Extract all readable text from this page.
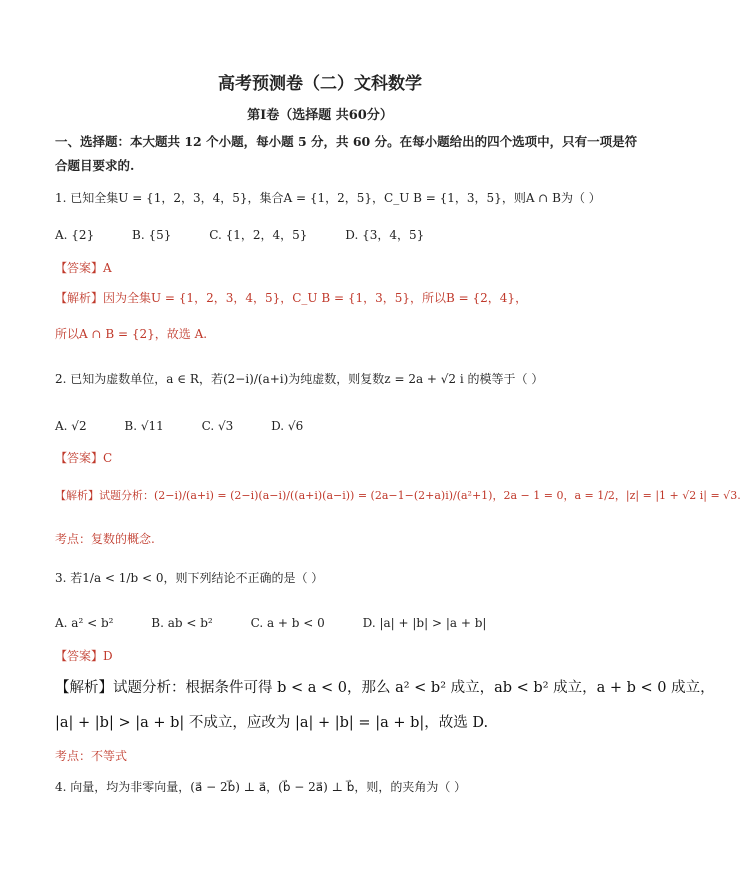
高考预测卷（二）文科数学
第Ⅰ卷（选择题 共60分）
一、选择题：本大题共 12 个小题，每小题 5 分，共 60 分。在每小题给出的四个选项中，只有一项是符
合题目要求的.
1. 已知全集U = {1，2，3，4，5}，集合A = {1，2，5}，C_U B = {1，3，5}，则A ∩ B为（ ）
A. {2}	B. {5}	C. {1，2，4，5}	D. {3，4，5}
【答案】A
【解析】因为全集U = {1，2，3，4，5}，C_U B = {1，3，5}，所以B = {2，4}，
所以A ∩ B = {2}，故选 A.
2. 已知为虚数单位，a ∈ R，若(2−i)/(a+i)为纯虚数，则复数z = 2a + √2 i 的模等于（ ）
A. √2	B. √11	C. √3	D. √6
【答案】C
【解析】试题分析：(2−i)/(a+i) = (2−i)(a−i)/((a+i)(a−i)) = (2a−1−(2+a)i)/(a²+1)，2a − 1 = 0，a = 1/2，|z| = |1 + √2 i| = √3.
考点：复数的概念.
3. 若1/a < 1/b < 0，则下列结论不正确的是（ ）
A. a² < b²	B. ab < b²	C. a + b < 0	D. |a| + |b| > |a + b|
【答案】D
【解析】试题分析：根据条件可得 b < a < 0，那么 a² < b² 成立，ab < b² 成立，a + b < 0 成立，
|a| + |b| > |a + b| 不成立，应改为 |a| + |b| = |a + b|，故选 D.
考点：不等式
4. 向量，均为非零向量，(a⃗ − 2b⃗) ⊥ a⃗，(b⃗ − 2a⃗) ⊥ b⃗，则，的夹角为（ ）
